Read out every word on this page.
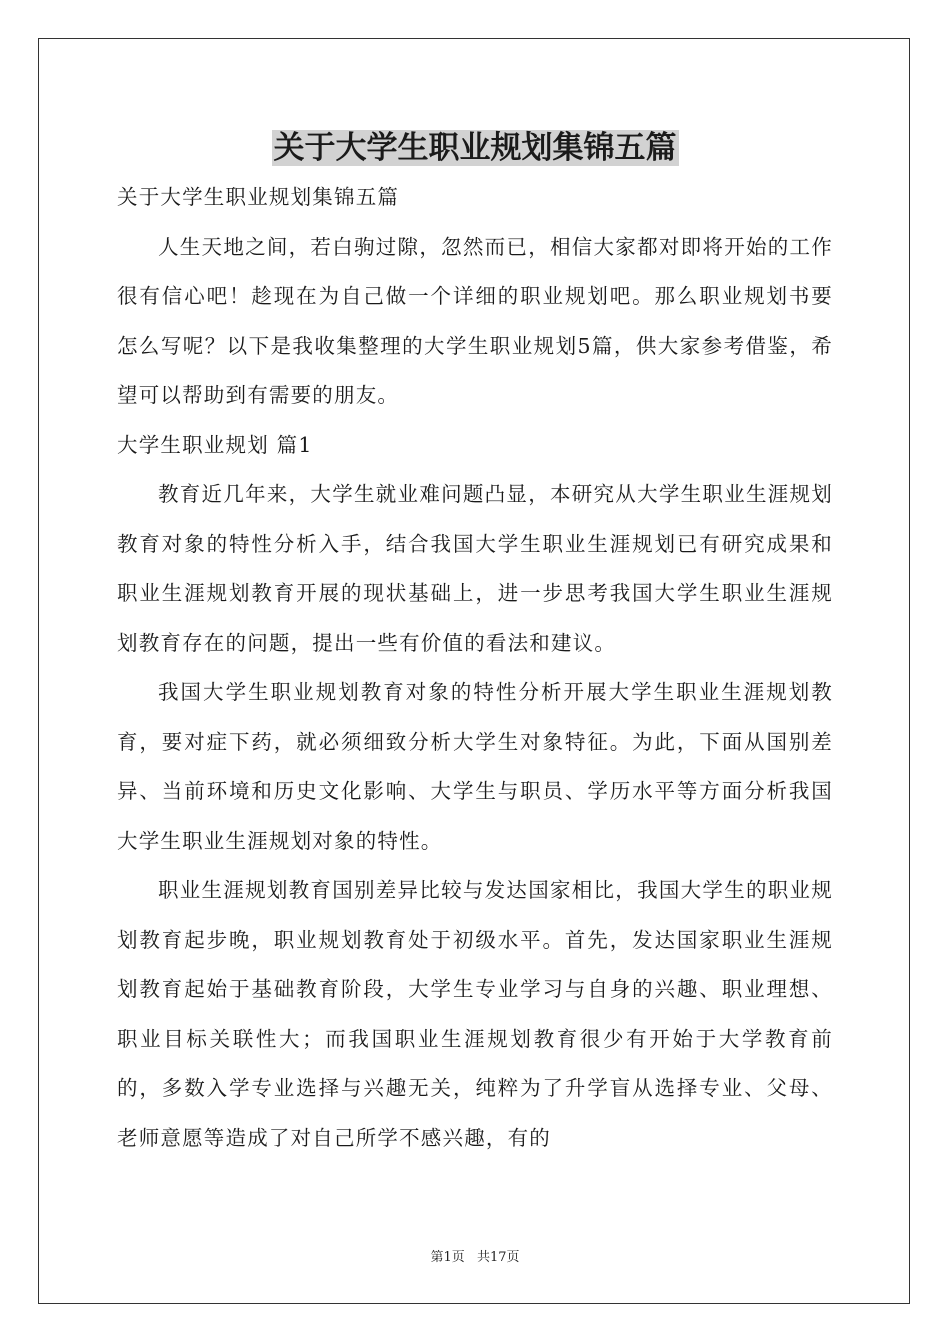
关于大学生职业规划集锦五篇

关于大学生职业规划集锦五篇

人生天地之间，若白驹过隙，忽然而已，相信大家都对即将开始的工作很有信心吧！趁现在为自己做一个详细的职业规划吧。那么职业规划书要怎么写呢？以下是我收集整理的大学生职业规划5篇，供大家参考借鉴，希望可以帮助到有需要的朋友。

大学生职业规划 篇1

教育近几年来，大学生就业难问题凸显，本研究从大学生职业生涯规划教育对象的特性分析入手，结合我国大学生职业生涯规划已有研究成果和职业生涯规划教育开展的现状基础上，进一步思考我国大学生职业生涯规划教育存在的问题，提出一些有价值的看法和建议。

我国大学生职业规划教育对象的特性分析开展大学生职业生涯规划教育，要对症下药，就必须细致分析大学生对象特征。为此，下面从国别差异、当前环境和历史文化影响、大学生与职员、学历水平等方面分析我国大学生职业生涯规划对象的特性。

职业生涯规划教育国别差异比较与发达国家相比，我国大学生的职业规划教育起步晚，职业规划教育处于初级水平。首先，发达国家职业生涯规划教育起始于基础教育阶段，大学生专业学习与自身的兴趣、职业理想、职业目标关联性大；而我国职业生涯规划教育很少有开始于大学教育前的，多数入学专业选择与兴趣无关，纯粹为了升学盲从选择专业、父母、老师意愿等造成了对自己所学不感兴趣，有的

第1页 共17页
